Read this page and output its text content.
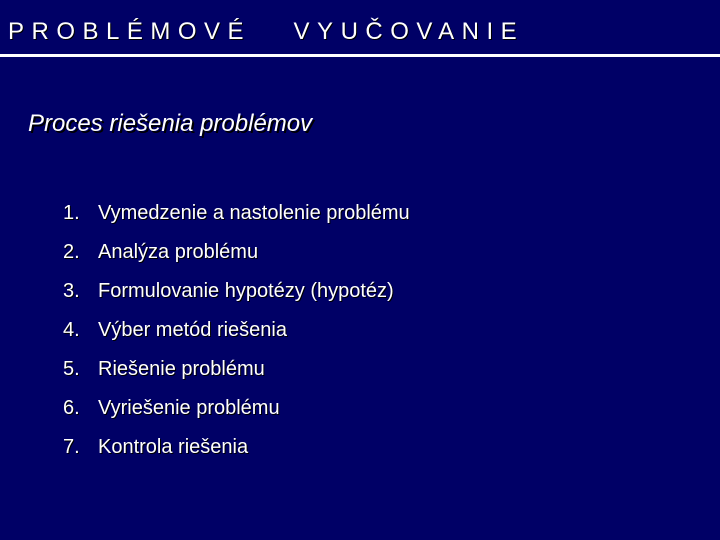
PROBLÉMOVÉ   VYUČOVANIE
Proces riešenia problémov
1. Vymedzenie a nastolenie problému
2. Analýza problému
3. Formulovanie hypotézy (hypotéz)
4. Výber metód riešenia
5. Riešenie problému
6. Vyriešenie problému
7. Kontrola riešenia
